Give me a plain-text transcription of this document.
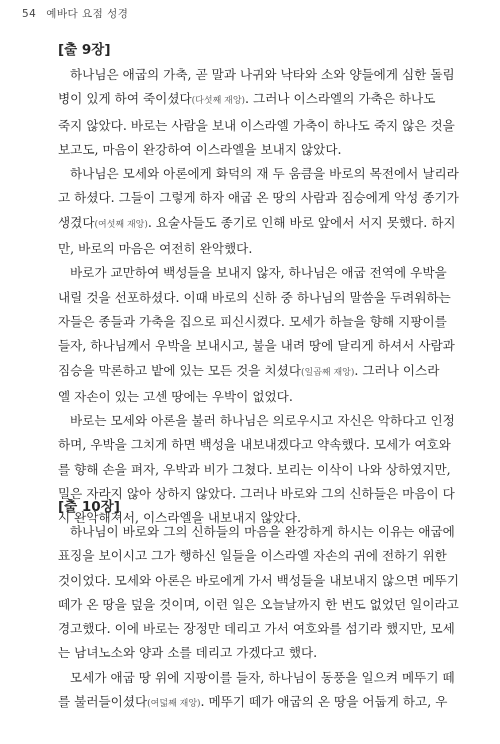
54 예바다 요점 성경
[출 9장]
하나님은 애굽의 가축, 곧 말과 나귀와 낙타와 소와 양들에게 심한 돌림
병이 있게 하여 죽이셨다(다섯째 재앙). 그러나 이스라엘의 가축은 하나도
죽지 않았다. 바로는 사람을 보내 이스라엘 가축이 하나도 죽지 않은 것을
보고도, 마음이 완강하여 이스라엘을 보내지 않았다.
하나님은 모세와 아론에게 화덕의 재 두 움큼을 바로의 목전에서 날리라
고 하셨다. 그들이 그렇게 하자 애굽 온 땅의 사람과 짐승에게 악성 종기가
생겼다(여섯째 재앙). 요술사들도 종기로 인해 바로 앞에서 서지 못했다. 하지
만, 바로의 마음은 여전히 완악했다.
바로가 교만하여 백성들을 보내지 않자, 하나님은 애굽 전역에 우박을
내릴 것을 선포하셨다. 이때 바로의 신하 중 하나님의 말씀을 두려워하는
자들은 종들과 가축을 집으로 피신시켰다. 모세가 하늘을 향해 지팡이를
들자, 하나님께서 우박을 보내시고, 불을 내려 땅에 달리게 하셔서 사람과
짐승을 막론하고 밭에 있는 모든 것을 치셨다(일곱째 재앙). 그러나 이스라
엘 자손이 있는 고센 땅에는 우박이 없었다.
바로는 모세와 아론을 불러 하나님은 의로우시고 자신은 악하다고 인정
하며, 우박을 그치게 하면 백성을 내보내겠다고 약속했다. 모세가 여호와
를 향해 손을 펴자, 우박과 비가 그쳤다. 보리는 이삭이 나와 상하였지만,
밀은 자라지 않아 상하지 않았다. 그러나 바로와 그의 신하들은 마음이 다
시 완악해져서, 이스라엘을 내보내지 않았다.
[출 10장]
하나님이 바로와 그의 신하들의 마음을 완강하게 하시는 이유는 애굽에
표징을 보이시고 그가 행하신 일들을 이스라엘 자손의 귀에 전하기 위한
것이었다. 모세와 아론은 바로에게 가서 백성들을 내보내지 않으면 메뚜기
떼가 온 땅을 덮을 것이며, 이런 일은 오늘날까지 한 번도 없었던 일이라고
경고했다. 이에 바로는 장정만 데리고 가서 여호와를 섬기라 했지만, 모세
는 남녀노소와 양과 소를 데리고 가겠다고 했다.
모세가 애굽 땅 위에 지팡이를 들자, 하나님이 동풍을 일으켜 메뚜기 떼
를 불러들이셨다(여덟째 재앙). 메뚜기 떼가 애굽의 온 땅을 어둡게 하고, 우
